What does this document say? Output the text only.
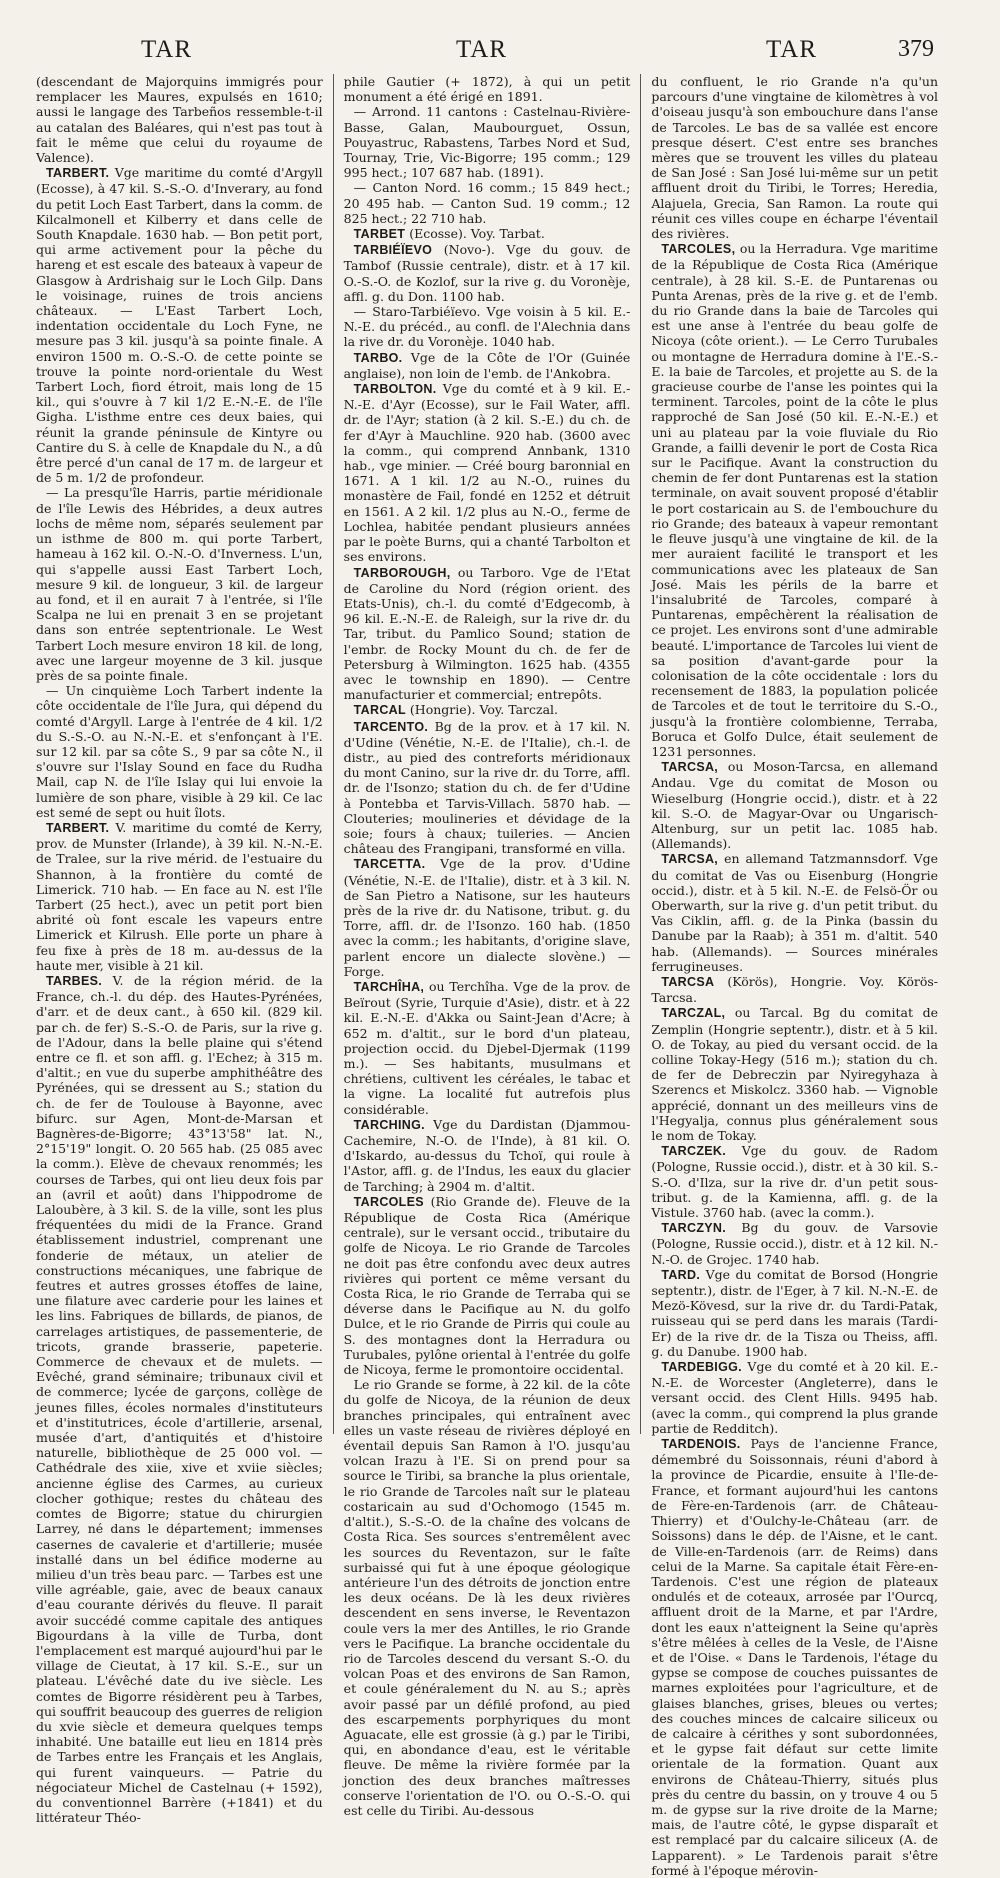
TAR	TAR	TAR	379

(descendant de Majorquins immigrés pour remplacer les Maures, expulsés en 1610; aussi le langage des Tarbeños ressemble-t-il au catalan des Baléares, qui n'est pas tout à fait le même que celui du royaume de Valence).

TARBERT. Vge maritime du comté d'Argyll (Ecosse), à 47 kil. S.-S.-O. d'Inverary, au fond du petit Loch East Tarbert, dans la comm. de Kilcalmonell et Kilberry et dans celle de South Knapdale. 1630 hab. — Bon petit port, qui arme activement pour la pêche du hareng et est escale des bateaux à vapeur de Glasgow à Ardrishaig sur le Loch Gilp. Dans le voisinage, ruines de trois anciens châteaux. — L'East Tarbert Loch, indentation occidentale du Loch Fyne, ne mesure pas 3 kil. jusqu'à sa pointe finale. A environ 1500 m. O.-S.-O. de cette pointe se trouve la pointe nord-orientale du West Tarbert Loch, fiord étroit, mais long de 15 kil., qui s'ouvre à 7 kil 1/2 E.-N.-E. de l'île Gigha. L'isthme entre ces deux baies, qui réunit la grande péninsule de Kintyre ou Cantire du S. à celle de Knapdale du N., a dû être percé d'un canal de 17 m. de largeur et de 5 m. 1/2 de profondeur.

— La presqu'île Harris, partie méridionale de l'île Lewis des Hébrides, a deux autres lochs de même nom, séparés seulement par un isthme de 800 m. qui porte Tarbert, hameau à 162 kil. O.-N.-O. d'Inverness. L'un, qui s'appelle aussi East Tarbert Loch, mesure 9 kil. de longueur, 3 kil. de largeur au fond, et il en aurait 7 à l'entrée, si l'île Scalpa ne lui en prenait 3 en se projetant dans son entrée septentrionale. Le West Tarbert Loch mesure environ 18 kil. de long, avec une largeur moyenne de 3 kil. jusque près de sa pointe finale.

— Un cinquième Loch Tarbert indente la côte occidentale de l'île Jura, qui dépend du comté d'Argyll. Large à l'entrée de 4 kil. 1/2 du S.-S.-O. au N.-N.-E. et s'enfonçant à l'E. sur 12 kil. par sa côte S., 9 par sa côte N., il s'ouvre sur l'Islay Sound en face du Rudha Mail, cap N. de l'île Islay qui lui envoie la lumière de son phare, visible à 29 kil. Ce lac est semé de sept ou huit îlots.

TARBERT. V. maritime du comté de Kerry, prov. de Munster (Irlande), à 39 kil. N.-N.-E. de Tralee, sur la rive mérid. de l'estuaire du Shannon, à la frontière du comté de Limerick. 710 hab. — En face au N. est l'île Tarbert (25 hect.), avec un petit port bien abrité où font escale les vapeurs entre Limerick et Kilrush. Elle porte un phare à feu fixe à près de 18 m. au-dessus de la haute mer, visible à 21 kil.

TARBES. V. de la région mérid. de la France, ch.-l. du dép. des Hautes-Pyrénées, d'arr. et de deux cant., à 650 kil. (829 kil. par ch. de fer) S.-S.-O. de Paris, sur la rive g. de l'Adour, dans la belle plaine qui s'étend entre ce fl. et son affl. g. l'Echez; à 315 m. d'altit.; en vue du superbe amphithéâtre des Pyrénées, qui se dressent au S.; station du ch. de fer de Toulouse à Bayonne, avec bifurc. sur Agen, Mont-de-Marsan et Bagnères-de-Bigorre; 43°13'58" lat. N., 2°15'19" longit. O. 20 565 hab. (25 085 avec la comm.). Elève de chevaux renommés; les courses de Tarbes, qui ont lieu deux fois par an (avril et août) dans l'hippodrome de Laloubère, à 3 kil. S. de la ville, sont les plus fréquentées du midi de la France. Grand établissement industriel, comprenant une fonderie de métaux, un atelier de constructions mécaniques, une fabrique de feutres et autres grosses étoffes de laine, une filature avec carderie pour les laines et les lins. Fabriques de billards, de pianos, de carrelages artistiques, de passementerie, de tricots, grande brasserie, papeterie. Commerce de chevaux et de mulets. — Evêché, grand séminaire; tribunaux civil et de commerce; lycée de garçons, collège de jeunes filles, écoles normales d'instituteurs et d'institutrices, école d'artillerie, arsenal, musée d'art, d'antiquités et d'histoire naturelle, bibliothèque de 25 000 vol. — Cathédrale des xiie, xive et xviie siècles; ancienne église des Carmes, au curieux clocher gothique; restes du château des comtes de Bigorre; statue du chirurgien Larrey, né dans le département; immenses casernes de cavalerie et d'artillerie; musée installé dans un bel édifice moderne au milieu d'un très beau parc. — Tarbes est une ville agréable, gaie, avec de beaux canaux d'eau courante dérivés du fleuve. Il parait avoir succédé comme capitale des antiques Bigourdans à la ville de Turba, dont l'emplacement est marqué aujourd'hui par le village de Cieutat, à 17 kil. S.-E., sur un plateau. L'évêché date du ive siècle. Les comtes de Bigorre résidèrent peu à Tarbes, qui souffrit beaucoup des guerres de religion du xvie siècle et demeura quelques temps inhabité. Une bataille eut lieu en 1814 près de Tarbes entre les Français et les Anglais, qui furent vainqueurs. — Patrie du négociateur Michel de Castelnau (+ 1592), du conventionnel Barrère (+1841) et du littérateur Théo-

phile Gautier (+ 1872), à qui un petit monument a été érigé en 1891.

— Arrond. 11 cantons : Castelnau-Rivière-Basse, Galan, Maubourguet, Ossun, Pouyastruc, Rabastens, Tarbes Nord et Sud, Tournay, Trie, Vic-Bigorre; 195 comm.; 129 995 hect.; 107 687 hab. (1891).

— Canton Nord. 16 comm.; 15 849 hect.; 20 495 hab. — Canton Sud. 19 comm.; 12 825 hect.; 22 710 hab.

TARBET (Ecosse). Voy. Tarbat.

TARBIÉÏEVO (Novo-). Vge du gouv. de Tambof (Russie centrale), distr. et à 17 kil. O.-S.-O. de Kozlof, sur la rive g. du Voronèje, affl. g. du Don. 1100 hab.

— Staro-Tarbiéïevo. Vge voisin à 5 kil. E.-N.-E. du précéd., au confl. de l'Alechnia dans la rive dr. du Voronèje. 1040 hab.

TARBO. Vge de la Côte de l'Or (Guinée anglaise), non loin de l'emb. de l'Ankobra.

TARBOLTON. Vge du comté et à 9 kil. E.-N.-E. d'Ayr (Ecosse), sur le Fail Water, affl. dr. de l'Ayr; station (à 2 kil. S.-E.) du ch. de fer d'Ayr à Mauchline. 920 hab. (3600 avec la comm., qui comprend Annbank, 1310 hab., vge minier. — Créé bourg baronnial en 1671. A 1 kil. 1/2 au N.-O., ruines du monastère de Fail, fondé en 1252 et détruit en 1561. A 2 kil. 1/2 plus au N.-O., ferme de Lochlea, habitée pendant plusieurs années par le poète Burns, qui a chanté Tarbolton et ses environs.

TARBOROUGH, ou Tarboro. Vge de l'Etat de Caroline du Nord (région orient. des Etats-Unis), ch.-l. du comté d'Edgecomb, à 96 kil. E.-N.-E. de Raleigh, sur la rive dr. du Tar, tribut. du Pamlico Sound; station de l'embr. de Rocky Mount du ch. de fer de Petersburg à Wilmington. 1625 hab. (4355 avec le township en 1890). — Centre manufacturier et commercial; entrepôts.

TARCAL (Hongrie). Voy. Tarczal.

TARCENTO. Bg de la prov. et à 17 kil. N. d'Udine (Vénétie, N.-E. de l'Italie), ch.-l. de distr., au pied des contreforts méridionaux du mont Canino, sur la rive dr. du Torre, affl. dr. de l'Isonzo; station du ch. de fer d'Udine à Pontebba et Tarvis-Villach. 5870 hab. — Clouteries; moulineries et dévidage de la soie; fours à chaux; tuileries. — Ancien château des Frangipani, transformé en villa.

TARCETTA. Vge de la prov. d'Udine (Vénétie, N.-E. de l'Italie), distr. et à 3 kil. N. de San Pietro a Natisone, sur les hauteurs près de la rive dr. du Natisone, tribut. g. du Torre, affl. dr. de l'Isonzo. 160 hab. (1850 avec la comm.; les habitants, d'origine slave, parlent encore un dialecte slovène.) — Forge.

TARCHÎHA, ou Terchîha. Vge de la prov. de Beïrout (Syrie, Turquie d'Asie), distr. et à 22 kil. E.-N.-E. d'Akka ou Saint-Jean d'Acre; à 652 m. d'altit., sur le bord d'un plateau, projection occid. du Djebel-Djermak (1199 m.). — Ses habitants, musulmans et chrétiens, cultivent les céréales, le tabac et la vigne. La localité fut autrefois plus considérable.

TARCHING. Vge du Dardistan (Djammou-Cachemire, N.-O. de l'Inde), à 81 kil. O. d'Iskardo, au-dessus du Tchoï, qui roule à l'Astor, affl. g. de l'Indus, les eaux du glacier de Tarching; à 2904 m. d'altit.

TARCOLES (Rio Grande de). Fleuve de la République de Costa Rica (Amérique centrale), sur le versant occid., tributaire du golfe de Nicoya. Le rio Grande de Tarcoles ne doit pas être confondu avec deux autres rivières qui portent ce même versant du Costa Rica, le rio Grande de Terraba qui se déverse dans le Pacifique au N. du golfo Dulce, et le rio Grande de Pirris qui coule au S. des montagnes dont la Herradura ou Turubales, pylône oriental à l'entrée du golfe de Nicoya, ferme le promontoire occidental.

Le rio Grande se forme, à 22 kil. de la côte du golfe de Nicoya, de la réunion de deux branches principales, qui entraînent avec elles un vaste réseau de rivières déployé en éventail depuis San Ramon à l'O. jusqu'au volcan Irazu à l'E. Si on prend pour sa source le Tiribi, sa branche la plus orientale, le rio Grande de Tarcoles naît sur le plateau costaricain au sud d'Ochomogo (1545 m. d'altit.), S.-S.-O. de la chaîne des volcans de Costa Rica. Ses sources s'entremêlent avec les sources du Reventazon, sur le faîte surbaissé qui fut à une époque géologique antérieure l'un des détroits de jonction entre les deux océans. De là les deux rivières descendent en sens inverse, le Reventazon coule vers la mer des Antilles, le rio Grande vers le Pacifique. La branche occidentale du rio de Tarcoles descend du versant S.-O. du volcan Poas et des environs de San Ramon, et coule généralement du N. au S.; après avoir passé par un défilé profond, au pied des escarpements porphyriques du mont Aguacate, elle est grossie (à g.) par le Tiribi, qui, en abondance d'eau, est le véritable fleuve. De même la rivière formée par la jonction des deux branches maîtresses conserve l'orientation de l'O. ou O.-S.-O. qui est celle du Tiribi. Au-dessous

du confluent, le rio Grande n'a qu'un parcours d'une vingtaine de kilomètres à vol d'oiseau jusqu'à son embouchure dans l'anse de Tarcoles. Le bas de sa vallée est encore presque désert. C'est entre ses branches mères que se trouvent les villes du plateau de San José : San José lui-même sur un petit affluent droit du Tiribi, le Torres; Heredia, Alajuela, Grecia, San Ramon. La route qui réunit ces villes coupe en écharpe l'éventail des rivières.

TARCOLES, ou la Herradura. Vge maritime de la République de Costa Rica (Amérique centrale), à 28 kil. S.-E. de Puntarenas ou Punta Arenas, près de la rive g. et de l'emb. du rio Grande dans la baie de Tarcoles qui est une anse à l'entrée du beau golfe de Nicoya (côte orient.). — Le Cerro Turubales ou montagne de Herradura domine à l'E.-S.-E. la baie de Tarcoles, et projette au S. de la gracieuse courbe de l'anse les pointes qui la terminent. Tarcoles, point de la côte le plus rapproché de San José (50 kil. E.-N.-E.) et uni au plateau par la voie fluviale du Rio Grande, a failli devenir le port de Costa Rica sur le Pacifique. Avant la construction du chemin de fer dont Puntarenas est la station terminale, on avait souvent proposé d'établir le port costaricain au S. de l'embouchure du rio Grande; des bateaux à vapeur remontant le fleuve jusqu'à une vingtaine de kil. de la mer auraient facilité le transport et les communications avec les plateaux de San José. Mais les périls de la barre et l'insalubrité de Tarcoles, comparé à Puntarenas, empêchèrent la réalisation de ce projet. Les environs sont d'une admirable beauté. L'importance de Tarcoles lui vient de sa position d'avant-garde pour la colonisation de la côte occidentale : lors du recensement de 1883, la population policée de Tarcoles et de tout le territoire du S.-O., jusqu'à la frontière colombienne, Terraba, Boruca et Golfo Dulce, était seulement de 1231 personnes.

TARCSA, ou Moson-Tarcsa, en allemand Andau. Vge du comitat de Moson ou Wieselburg (Hongrie occid.), distr. et à 22 kil. S.-O. de Magyar-Ovar ou Ungarisch-Altenburg, sur un petit lac. 1085 hab. (Allemands).

TARCSA, en allemand Tatzmannsdorf. Vge du comitat de Vas ou Eisenburg (Hongrie occid.), distr. et à 5 kil. N.-E. de Felsö-Ör ou Oberwarth, sur la rive g. d'un petit tribut. du Vas Ciklin, affl. g. de la Pinka (bassin du Danube par la Raab); à 351 m. d'altit. 540 hab. (Allemands). — Sources minérales ferrugineuses.

TARCSA (Körös), Hongrie. Voy. Körös-Tarcsa.

TARCZAL, ou Tarcal. Bg du comitat de Zemplin (Hongrie septentr.), distr. et à 5 kil. O. de Tokay, au pied du versant occid. de la colline Tokay-Hegy (516 m.); station du ch. de fer de Debreczin par Nyiregyhaza à Szerencs et Miskolcz. 3360 hab. — Vignoble apprécié, donnant un des meilleurs vins de l'Hegyalja, connus plus généralement sous le nom de Tokay.

TARCZEK. Vge du gouv. de Radom (Pologne, Russie occid.), distr. et à 30 kil. S.-S.-O. d'Ilza, sur la rive dr. d'un petit sous-tribut. g. de la Kamienna, affl. g. de la Vistule. 3760 hab. (avec la comm.).

TARCZYN. Bg du gouv. de Varsovie (Pologne, Russie occid.), distr. et à 12 kil. N.-N.-O. de Grojec. 1740 hab.

TARD. Vge du comitat de Borsod (Hongrie septentr.), distr. de l'Eger, à 7 kil. N.-N.-E. de Mezö-Kövesd, sur la rive dr. du Tardi-Patak, ruisseau qui se perd dans les marais (Tardi-Er) de la rive dr. de la Tisza ou Theiss, affl. g. du Danube. 1900 hab.

TARDEBIGG. Vge du comté et à 20 kil. E.-N.-E. de Worcester (Angleterre), dans le versant occid. des Clent Hills. 9495 hab. (avec la comm., qui comprend la plus grande partie de Redditch).

TARDENOIS. Pays de l'ancienne France, démembré du Soissonnais, réuni d'abord à la province de Picardie, ensuite à l'Ile-de-France, et formant aujourd'hui les cantons de Fère-en-Tardenois (arr. de Château-Thierry) et d'Oulchy-le-Château (arr. de Soissons) dans le dép. de l'Aisne, et le cant. de Ville-en-Tardenois (arr. de Reims) dans celui de la Marne. Sa capitale était Fère-en-Tardenois. C'est une région de plateaux ondulés et de coteaux, arrosée par l'Ourcq, affluent droit de la Marne, et par l'Ardre, dont les eaux n'atteignent la Seine qu'après s'être mêlées à celles de la Vesle, de l'Aisne et de l'Oise. « Dans le Tardenois, l'étage du gypse se compose de couches puissantes de marnes exploitées pour l'agriculture, et de glaises blanches, grises, bleues ou vertes; des couches minces de calcaire siliceux ou de calcaire à cérithes y sont subordonnées, et le gypse fait défaut sur cette limite orientale de la formation. Quant aux environs de Château-Thierry, situés plus près du centre du bassin, on y trouve 4 ou 5 m. de gypse sur la rive droite de la Marne; mais, de l'autre côté, le gypse disparaît et est remplacé par du calcaire siliceux (A. de Lapparent). » Le Tardenois parait s'être formé à l'époque mérovin-
